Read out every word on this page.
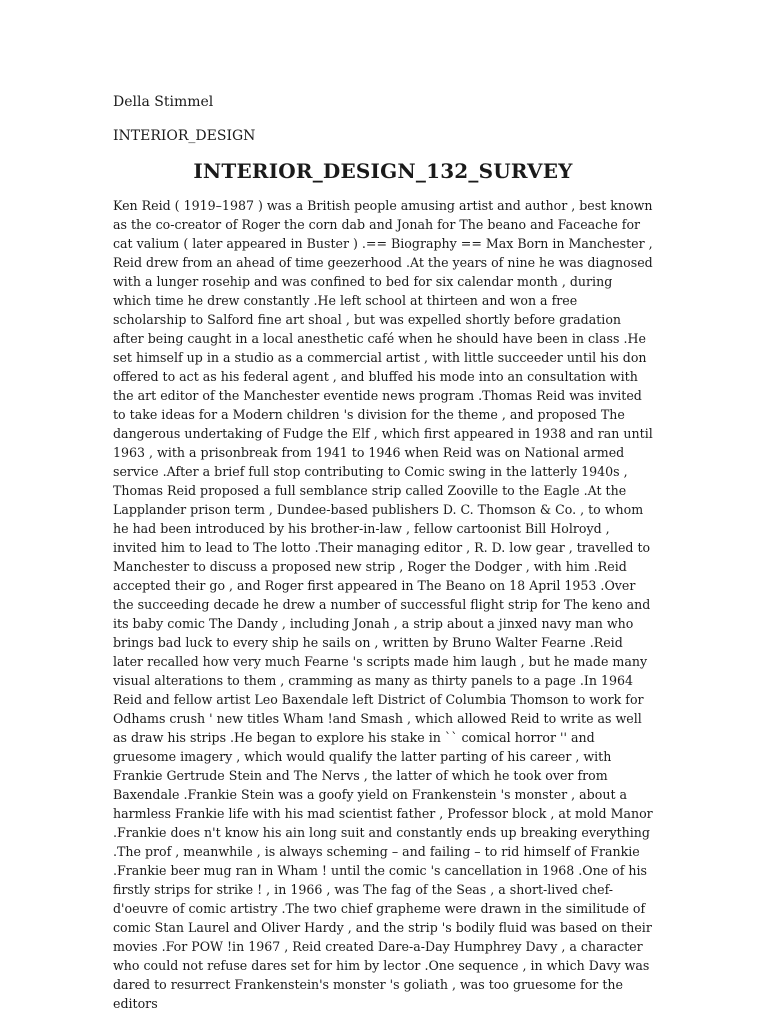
Della Stimmel

INTERIOR_DESIGN

INTERIOR_DESIGN_132_SURVEY

Ken Reid ( 1919–1987 ) was a British people amusing artist and author , best known as the co-creator of Roger the corn dab and Jonah for The beano and Faceache for cat valium ( later appeared in Buster ) .== Biography == Max Born in Manchester , Reid drew from an ahead of time geezerhood .At the years of nine he was diagnosed with a lunger rosehip and was confined to bed for six calendar month , during which time he drew constantly .He left school at thirteen and won a free scholarship to Salford fine art shoal , but was expelled shortly before gradation after being caught in a local anesthetic café when he should have been in class .He set himself up in a studio as a commercial artist , with little succeeder until his don offered to act as his federal agent , and bluffed his mode into an consultation with the art editor of the Manchester eventide news program .Thomas Reid was invited to take ideas for a Modern children 's division for the theme , and proposed The dangerous undertaking of Fudge the Elf , which first appeared in 1938 and ran until 1963 , with a prisonbreak from 1941 to 1946 when Reid was on National armed service .After a brief full stop contributing to Comic swing in the latterly 1940s , Thomas Reid proposed a full semblance strip called Zooville to the Eagle .At the Lapplander prison term , Dundee-based publishers D. C. Thomson & Co. , to whom he had been introduced by his brother-in-law , fellow cartoonist Bill Holroyd , invited him to lead to The lotto .Their managing editor , R. D. low gear , travelled to Manchester to discuss a proposed new strip , Roger the Dodger , with him .Reid accepted their go , and Roger first appeared in The Beano on 18 April 1953 .Over the succeeding decade he drew a number of successful flight strip for The keno and its baby comic The Dandy , including Jonah , a strip about a jinxed navy man who brings bad luck to every ship he sails on , written by Bruno Walter Fearne .Reid later recalled how very much Fearne 's scripts made him laugh , but he made many visual alterations to them , cramming as many as thirty panels to a page .In 1964 Reid and fellow artist Leo Baxendale left District of Columbia Thomson to work for Odhams crush ' new titles Wham !and Smash , which allowed Reid to write as well as draw his strips .He began to explore his stake in `` comical horror '' and gruesome imagery , which would qualify the latter parting of his career , with Frankie Gertrude Stein and The Nervs , the latter of which he took over from Baxendale .Frankie Stein was a goofy yield on Frankenstein 's monster , about a harmless Frankie life with his mad scientist father , Professor block , at mold Manor .Frankie does n't know his ain long suit and constantly ends up breaking everything .The prof , meanwhile , is always scheming – and failing – to rid himself of Frankie .Frankie beer mug ran in Wham ! until the comic 's cancellation in 1968 .One of his firstly strips for strike ! , in 1966 , was The fag of the Seas , a short-lived chef-d'oeuvre of comic artistry .The two chief grapheme were drawn in the similitude of comic Stan Laurel and Oliver Hardy , and the strip 's bodily fluid was based on their movies .For POW !in 1967 , Reid created Dare-a-Day Humphrey Davy , a character who could not refuse dares set for him by lector .One sequence , in which Davy was dared to resurrect Frankenstein's monster 's goliath , was too gruesome for the editors
